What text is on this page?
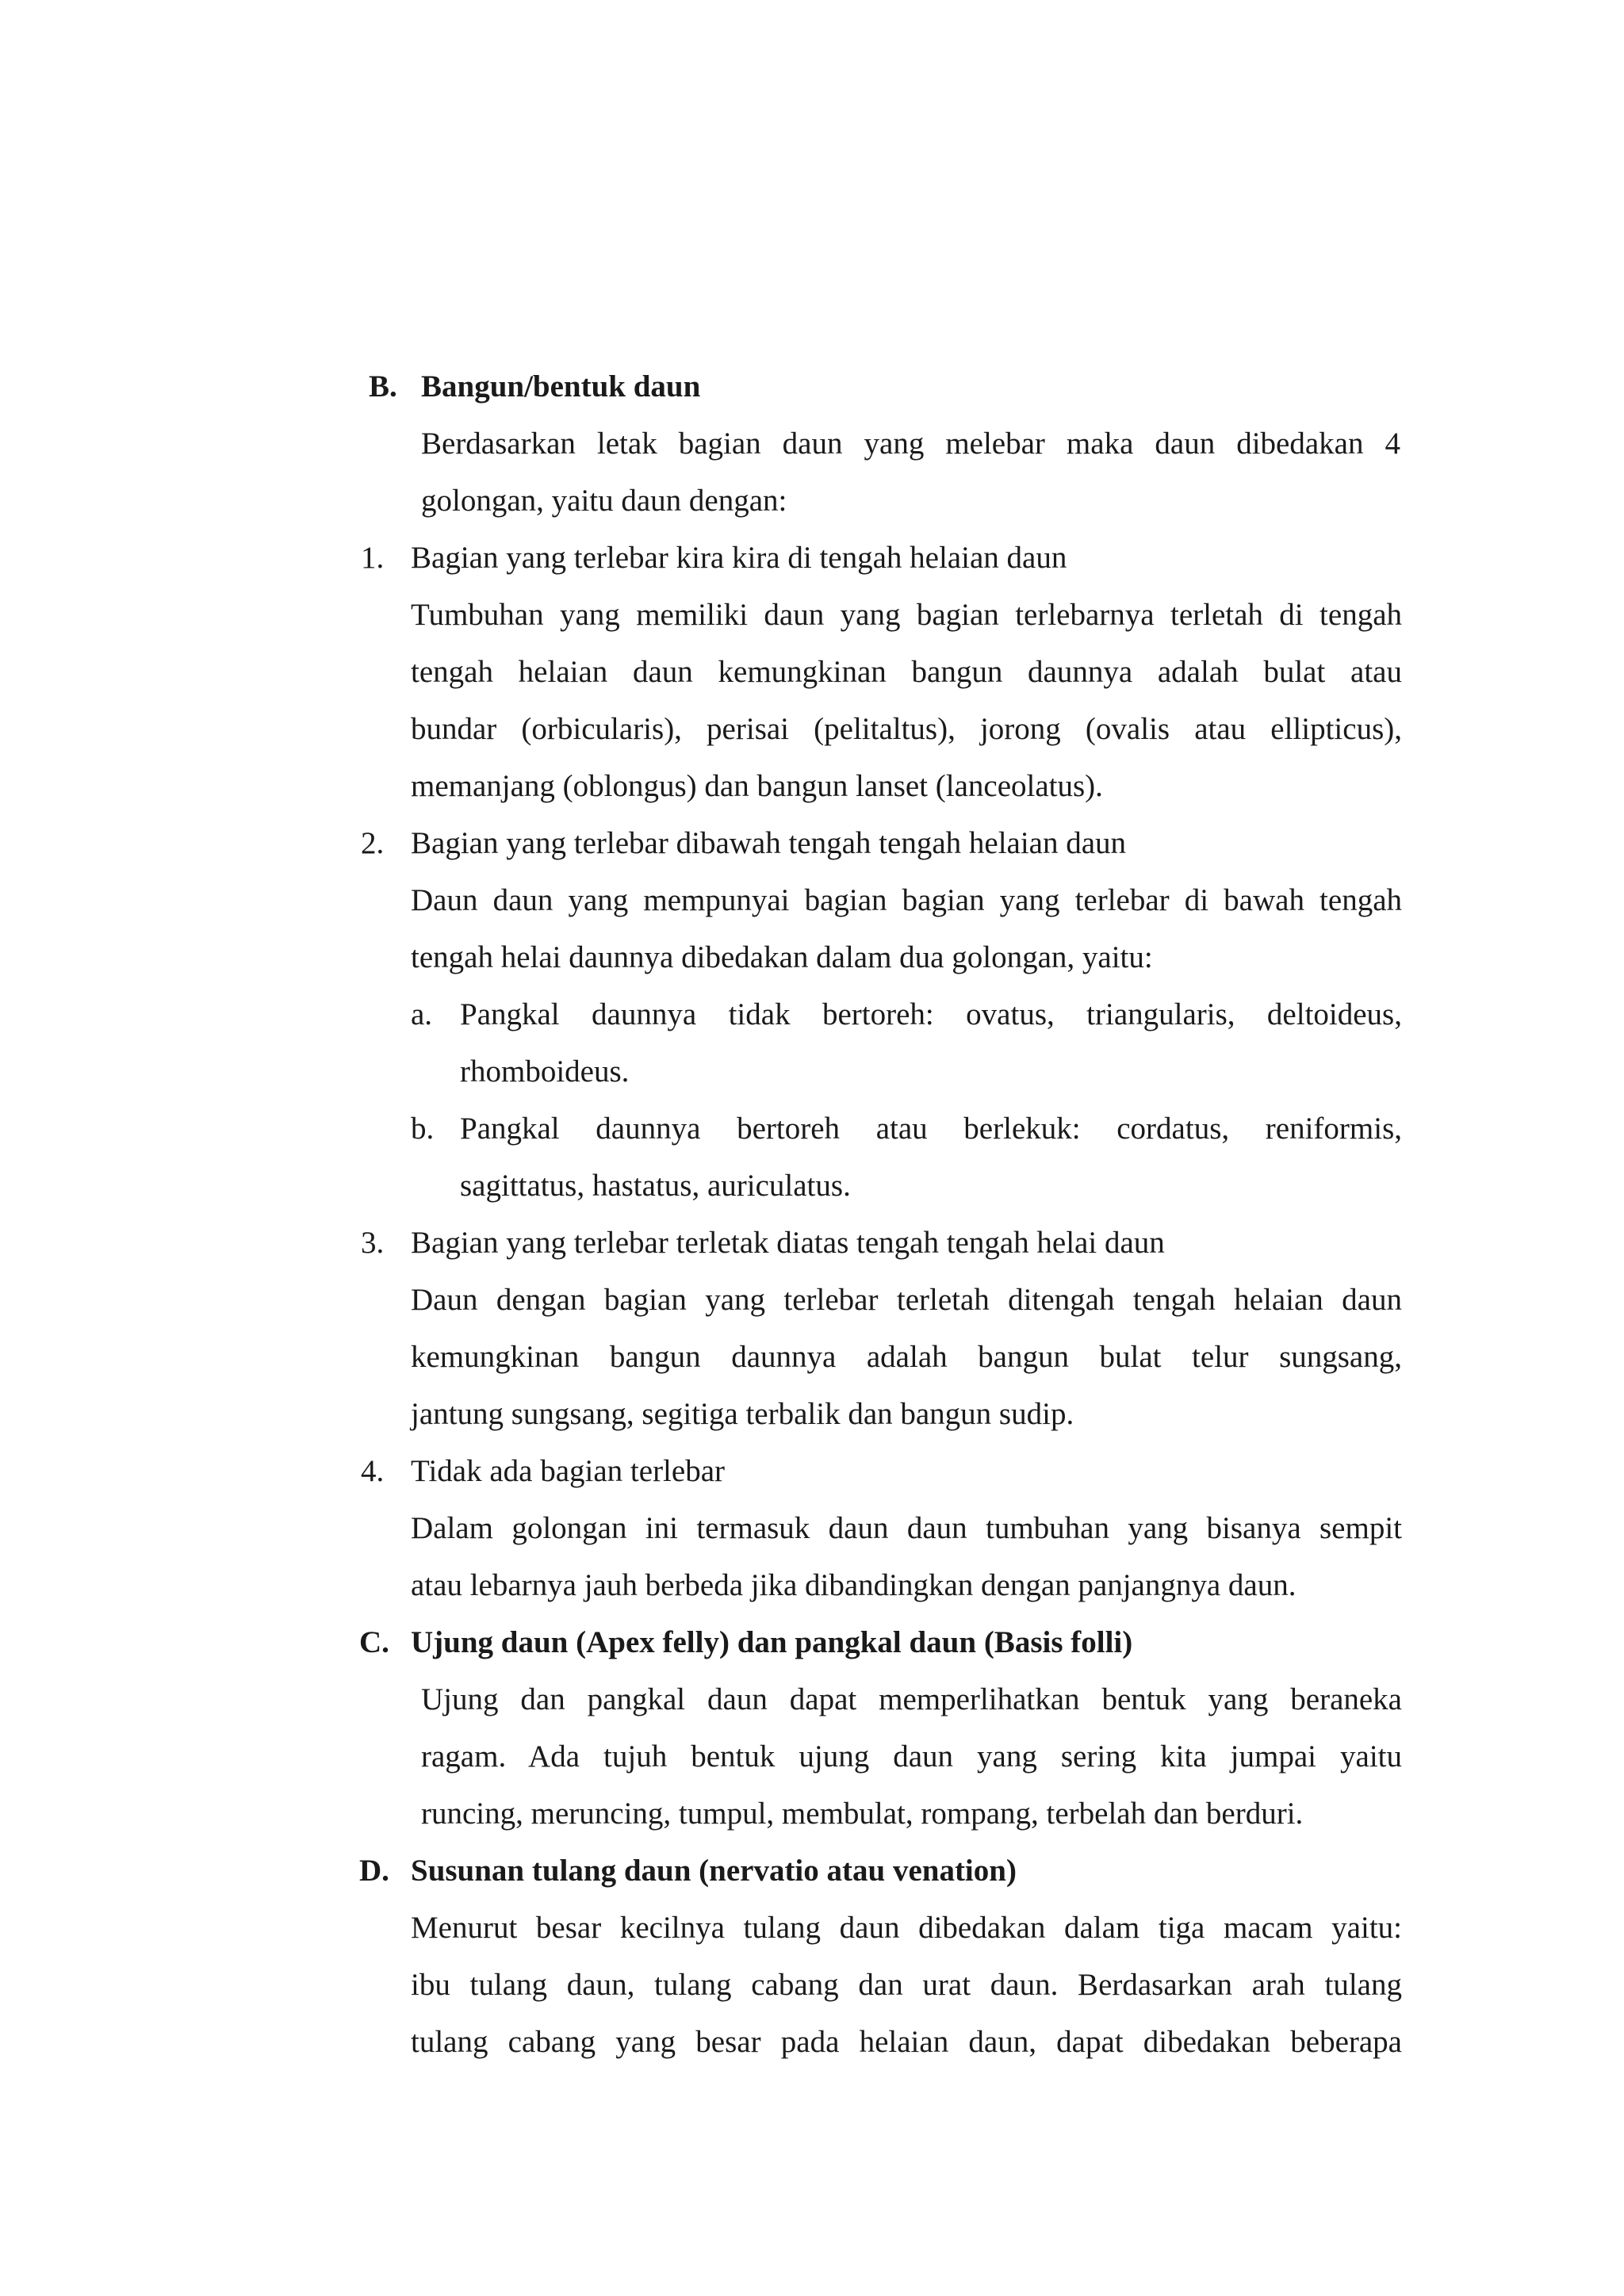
B. Bangun/bentuk daun
Berdasarkan letak bagian daun yang melebar maka daun dibedakan 4
golongan, yaitu daun dengan:
1. Bagian yang terlebar kira kira di tengah helaian daun
Tumbuhan yang memiliki daun yang bagian terlebarnya terletah di tengah
tengah helaian daun kemungkinan bangun daunnya adalah bulat atau
bundar (orbicularis), perisai (pelitaltus), jorong (ovalis atau ellipticus),
memanjang (oblongus) dan bangun lanset (lanceolatus).
2. Bagian yang terlebar dibawah tengah tengah helaian daun
Daun daun yang mempunyai bagian bagian yang terlebar di bawah tengah
tengah helai daunnya dibedakan dalam dua golongan, yaitu:
a. Pangkal daunnya tidak bertoreh: ovatus, triangularis, deltoideus,
rhomboideus.
b. Pangkal daunnya bertoreh atau berlekuk: cordatus, reniformis,
sagittatus, hastatus, auriculatus.
3. Bagian yang terlebar terletak diatas tengah tengah helai daun
Daun dengan bagian yang terlebar terletah ditengah tengah helaian daun
kemungkinan bangun daunnya adalah bangun bulat telur sungsang,
jantung sungsang, segitiga terbalik dan bangun sudip.
4. Tidak ada bagian terlebar
Dalam golongan ini termasuk daun daun tumbuhan yang bisanya sempit
atau lebarnya jauh berbeda jika dibandingkan dengan panjangnya daun.
C. Ujung daun (Apex felly) dan pangkal daun (Basis folli)
Ujung dan pangkal daun dapat memperlihatkan bentuk yang beraneka
ragam. Ada tujuh bentuk ujung daun yang sering kita jumpai yaitu
runcing, meruncing, tumpul, membulat, rompang, terbelah dan berduri.
D. Susunan tulang daun (nervatio atau venation)
Menurut besar kecilnya tulang daun dibedakan dalam tiga macam yaitu:
ibu tulang daun, tulang cabang dan urat daun. Berdasarkan arah tulang
tulang cabang yang besar pada helaian daun, dapat dibedakan beberapa
